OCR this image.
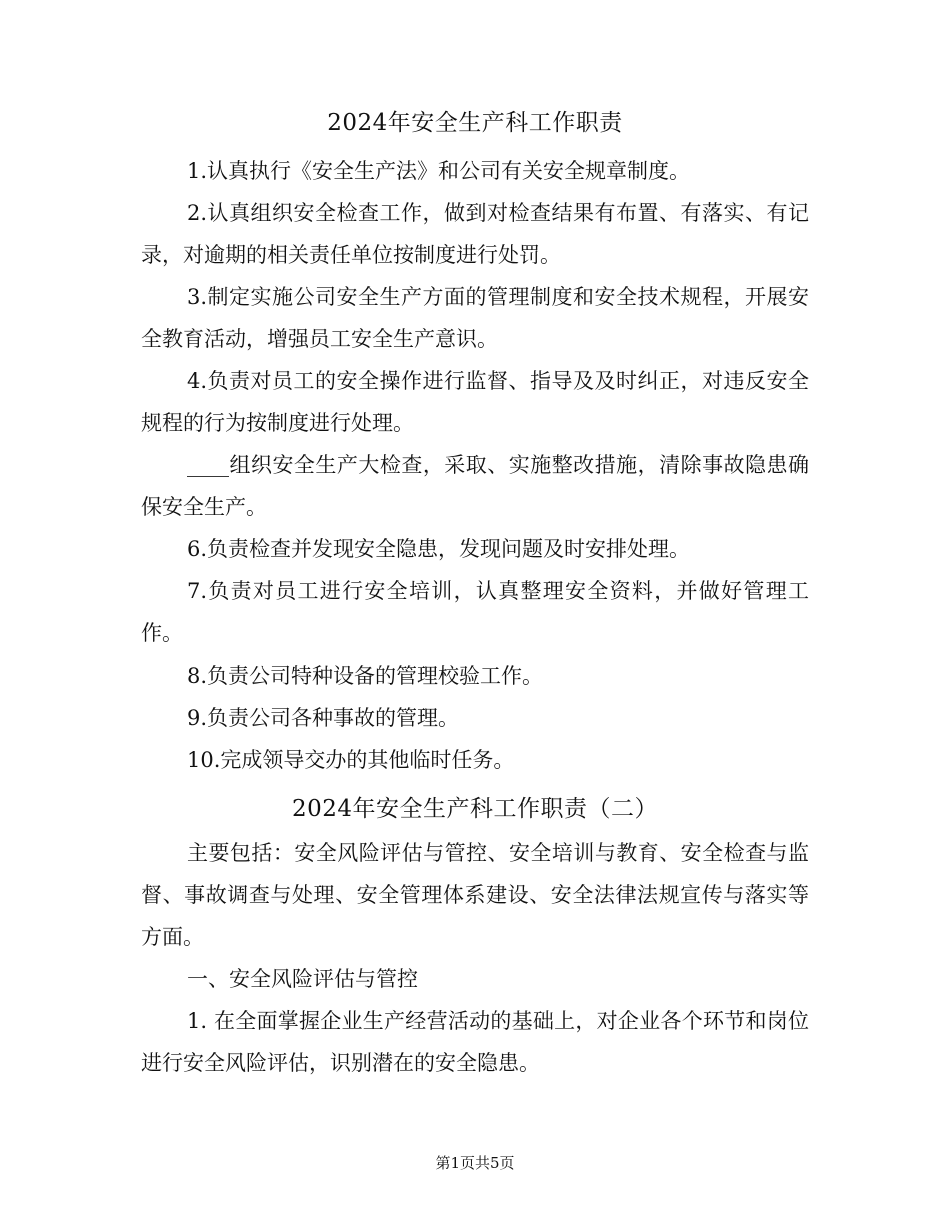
2024年安全生产科工作职责

1.认真执行《安全生产法》和公司有关安全规章制度。

2.认真组织安全检查工作，做到对检查结果有布置、有落实、有记录，对逾期的相关责任单位按制度进行处罚。

3.制定实施公司安全生产方面的管理制度和安全技术规程，开展安全教育活动，增强员工安全生产意识。

4.负责对员工的安全操作进行监督、指导及及时纠正，对违反安全规程的行为按制度进行处理。

____组织安全生产大检查，采取、实施整改措施，清除事故隐患确保安全生产。

6.负责检查并发现安全隐患，发现问题及时安排处理。

7.负责对员工进行安全培训，认真整理安全资料，并做好管理工作。

8.负责公司特种设备的管理校验工作。

9.负责公司各种事故的管理。

10.完成领导交办的其他临时任务。

2024年安全生产科工作职责（二）

主要包括：安全风险评估与管控、安全培训与教育、安全检查与监督、事故调查与处理、安全管理体系建设、安全法律法规宣传与落实等方面。

一、安全风险评估与管控

1. 在全面掌握企业生产经营活动的基础上，对企业各个环节和岗位进行安全风险评估，识别潜在的安全隐患。

第1页共5页
